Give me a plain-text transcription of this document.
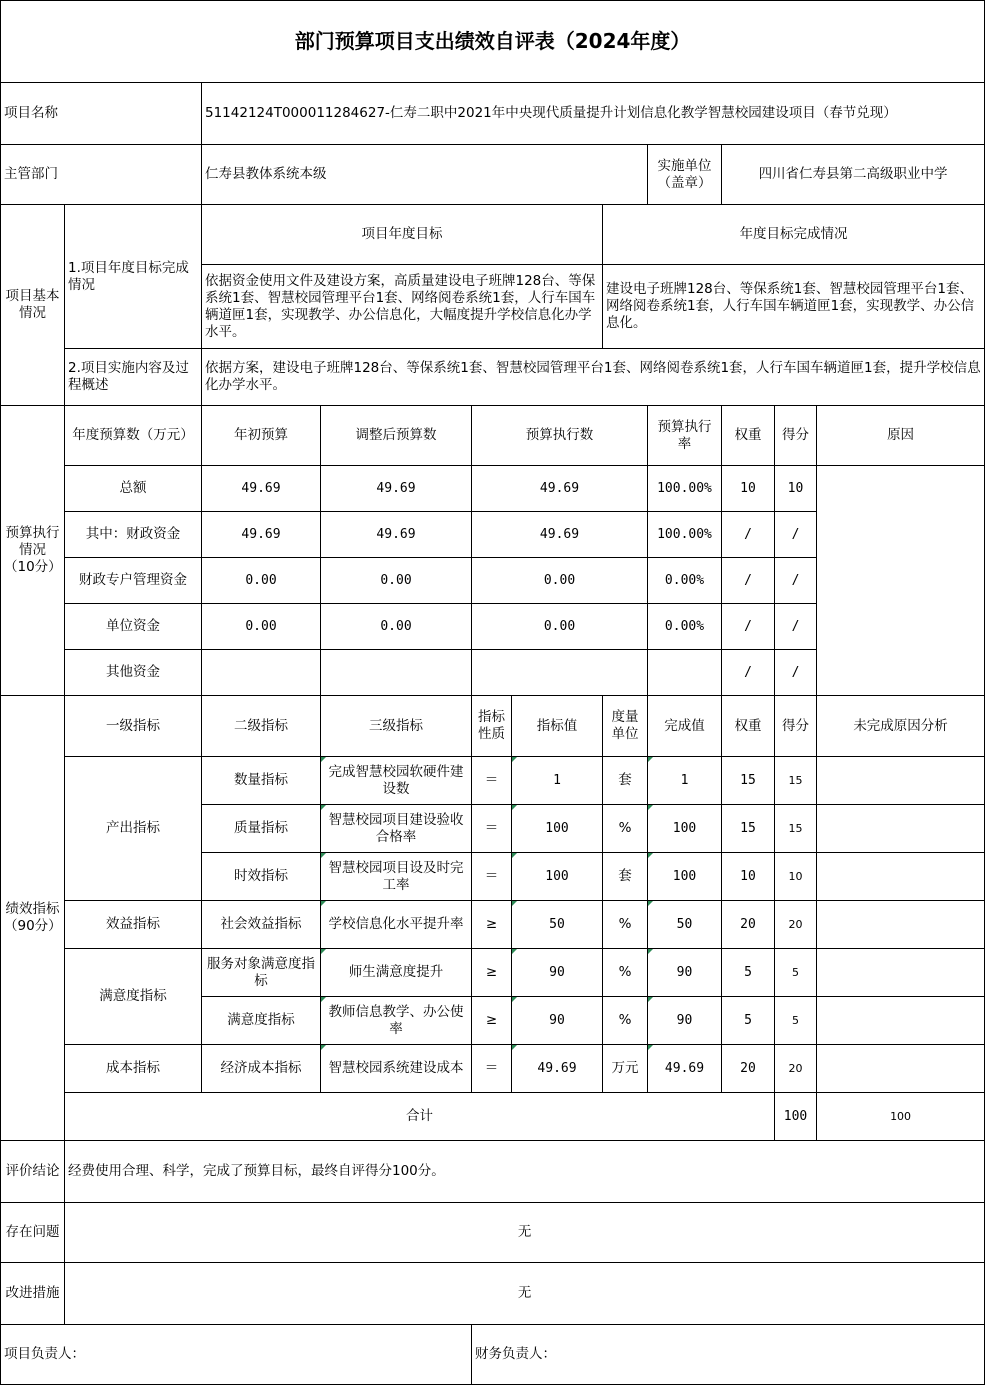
部门预算项目支出绩效自评表（2024年度）											
项目名称		51142124T000011284627-仁寿二职中2021年中央现代质量提升计划信息化教学智慧校园建设项目（春节兑现）									
主管部门		仁寿县教体系统本级					实施单位（盖章）	四川省仁寿县第二高级职业中学			
项目基本情况	1.项目年度目标完成情况	项目年度目标				年度目标完成情况					
		依据资金使用文件及建设方案，高质量建设电子班牌128台、等保系统1套、智慧校园管理平台1套、网络阅卷系统1套，人行车国车辆道匣1套，实现教学、办公信息化，大幅度提升学校信息化办学水平。				建设电子班牌128台、等保系统1套、智慧校园管理平台1套、网络阅卷系统1套，人行车国车辆道匣1套，实现教学、办公信息化。					
	2.项目实施内容及过程概述	依据方案，建设电子班牌128台、等保系统1套、智慧校园管理平台1套、网络阅卷系统1套，人行车国车辆道匣1套，提升学校信息化办学水平。									
预算执行情况（10分）	年度预算数（万元）	年初预算	调整后预算数	预算执行数			预算执行率	权重	得分	原因	
	总额	49.69	49.69	49.69			100.00%	10	10		
	其中：财政资金	49.69	49.69	49.69			100.00%	/	/		
	财政专户管理资金	0.00	0.00	0.00			0.00%	/	/		
	单位资金	0.00	0.00	0.00			0.00%	/	/		
	其他资金							/	/		
绩效指标（90分）	一级指标	二级指标	三级指标	指标性质	指标值	度量单位	完成值	权重	得分	未完成原因分析	
	产出指标	数量指标	完成智慧校园软硬件建设数	＝	1	套	1	15	15		
		质量指标	智慧校园项目建设验收合格率	＝	100	%	100	15	15		
		时效指标	智慧校园项目设及时完工率	＝	100	套	100	10	10		
	效益指标	社会效益指标	学校信息化水平提升率	≥	50	%	50	20	20		
	满意度指标	服务对象满意度指标	师生满意度提升	≥	90	%	90	5	5		
		满意度指标	教师信息教学、办公使率	≥	90	%	90	5	5		
	成本指标	经济成本指标	智慧校园系统建设成本	＝	49.69	万元	49.69	20	20		
	合计								100	100	
评价结论	经费使用合理、科学，完成了预算目标，最终自评得分100分。										
存在问题	无										
改进措施	无										
项目负责人：				财务负责人：							
